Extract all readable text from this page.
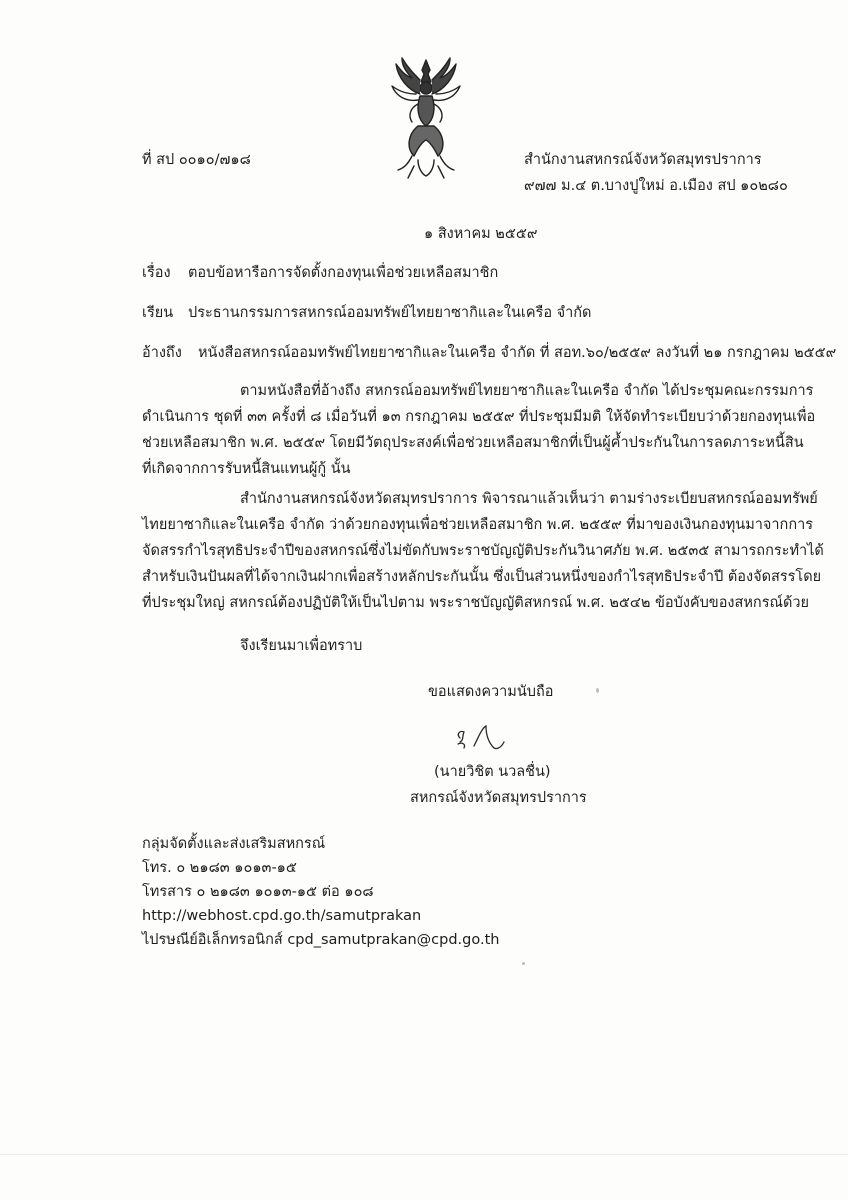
ที่ สป ๐๐๑๐/๗๑๘	สำนักงานสหกรณ์จังหวัดสมุทรปราการ
๙๗๗ ม.๔ ต.บางปูใหม่ อ.เมือง สป ๑๐๒๘๐
๑ สิงหาคม ๒๕๕๙
เรื่อง ตอบข้อหารือการจัดตั้งกองทุนเพื่อช่วยเหลือสมาชิก
เรียน ประธานกรรมการสหกรณ์ออมทรัพย์ไทยยาซากิและในเครือ จำกัด
อ้างถึง หนังสือสหกรณ์ออมทรัพย์ไทยยาซากิและในเครือ จำกัด ที่ สอท.๖๐/๒๕๕๙ ลงวันที่ ๒๑ กรกฎาคม ๒๕๕๙
ตามหนังสือที่อ้างถึง สหกรณ์ออมทรัพย์ไทยยาซากิและในเครือ จำกัด ได้ประชุมคณะกรรมการ
ดำเนินการ ชุดที่ ๓๓ ครั้งที่ ๘ เมื่อวันที่ ๑๓ กรกฎาคม ๒๕๕๙ ที่ประชุมมีมติ ให้จัดทำระเบียบว่าด้วยกองทุนเพื่อ
ช่วยเหลือสมาชิก พ.ศ. ๒๕๕๙ โดยมีวัตถุประสงค์เพื่อช่วยเหลือสมาชิกที่เป็นผู้ค้ำประกันในการลดภาระหนี้สิน
ที่เกิดจากการรับหนี้สินแทนผู้กู้ นั้น
สำนักงานสหกรณ์จังหวัดสมุทรปราการ พิจารณาแล้วเห็นว่า ตามร่างระเบียบสหกรณ์ออมทรัพย์
ไทยยาซากิและในเครือ จำกัด ว่าด้วยกองทุนเพื่อช่วยเหลือสมาชิก พ.ศ. ๒๕๕๙ ที่มาของเงินกองทุนมาจากการ
จัดสรรกำไรสุทธิประจำปีของสหกรณ์ซึ่งไม่ขัดกับพระราชบัญญัติประกันวินาศภัย พ.ศ. ๒๕๓๕ สามารถกระทำได้
สำหรับเงินปันผลที่ได้จากเงินฝากเพื่อสร้างหลักประกันนั้น ซึ่งเป็นส่วนหนึ่งของกำไรสุทธิประจำปี ต้องจัดสรรโดย
ที่ประชุมใหญ่ สหกรณ์ต้องปฏิบัติให้เป็นไปตาม พระราชบัญญัติสหกรณ์ พ.ศ. ๒๕๔๒ ข้อบังคับของสหกรณ์ด้วย
จึงเรียนมาเพื่อทราบ
ขอแสดงความนับถือ
(นายวิชิต นวลชื่น)
สหกรณ์จังหวัดสมุทรปราการ
กลุ่มจัดตั้งและส่งเสริมสหกรณ์
โทร. ๐ ๒๑๘๓ ๑๐๑๓-๑๕
โทรสาร ๐ ๒๑๘๓ ๑๐๑๓-๑๕ ต่อ ๑๐๘
http://webhost.cpd.go.th/samutprakan
ไปรษณีย์อิเล็กทรอนิกส์ cpd_samutprakan@cpd.go.th
